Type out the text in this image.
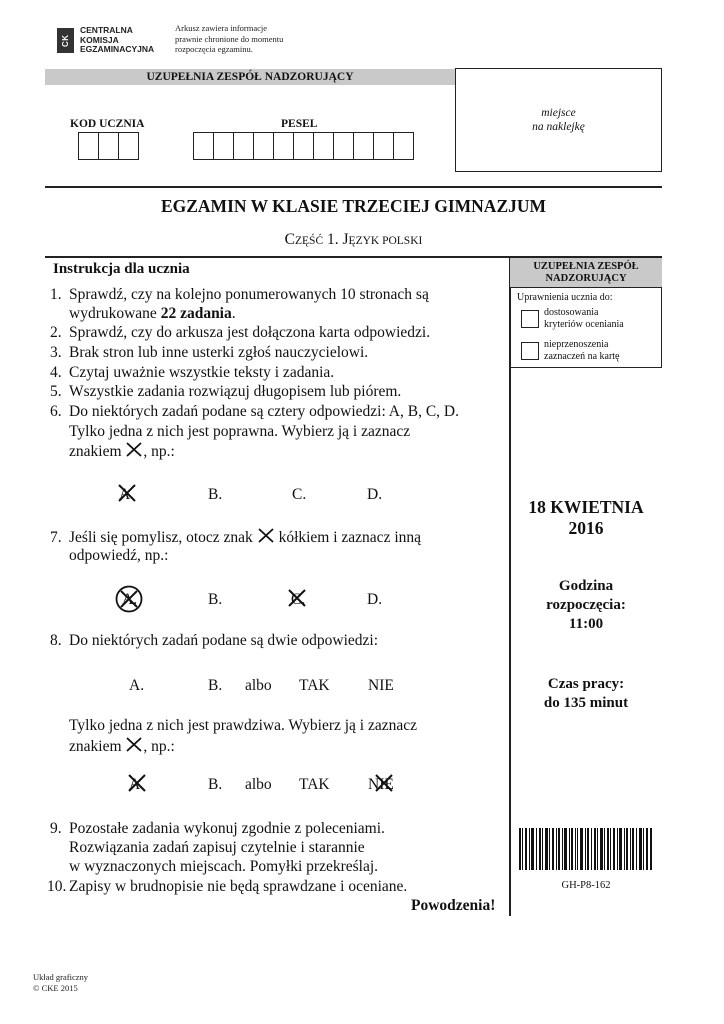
CK
CENTRALNA
KOMISJA
EGZAMINACYJNA
Arkusz zawiera informacje
prawnie chronione do momentu
rozpoczęcia egzaminu.
UZUPEŁNIA ZESPÓŁ NADZORUJĄCY
KOD UCZNIA	PESEL
miejsce
na naklejkę
EGZAMIN W KLASIE TRZECIEJ GIMNAZJUM
CZĘŚĆ 1. JĘZYK POLSKI
Instrukcja dla ucznia
1. Sprawdź, czy na kolejno ponumerowanych 10 stronach są
wydrukowane 22 zadania.
2. Sprawdź, czy do arkusza jest dołączona karta odpowiedzi.
3. Brak stron lub inne usterki zgłoś nauczycielowi.
4. Czytaj uważnie wszystkie teksty i zadania.
5. Wszystkie zadania rozwiązuj długopisem lub piórem.
6. Do niektórych zadań podane są cztery odpowiedzi: A, B, C, D.
Tylko jedna z nich jest poprawna. Wybierz ją i zaznacz
znakiem , np.:
A.	B.	C.	D.
7. Jeśli się pomylisz, otocz znak kółkiem i zaznacz inną
odpowiedź, np.:
A.	B.	C.	D.
8. Do niektórych zadań podane są dwie odpowiedzi:
A.	B. albo TAK NIE
Tylko jedna z nich jest prawdziwa. Wybierz ją i zaznacz
znakiem , np.:
A.	B. albo TAK NIE
9. Pozostałe zadania wykonuj zgodnie z poleceniami.
Rozwiązania zadań zapisuj czytelnie i starannie
w wyznaczonych miejscach. Pomyłki przekreślaj.
10. Zapisy w brudnopisie nie będą sprawdzane i oceniane.
Powodzenia!
UZUPEŁNIA ZESPÓŁ NADZORUJĄCY
Uprawnienia ucznia do:
dostosowania
kryteriów oceniania
nieprzenoszenia
zaznaczeń na kartę
18 KWIETNIA
2016
Godzina
rozpoczęcia:
11:00
Czas pracy:
do 135 minut
GH-P8-162
Układ graficzny
© CKE 2015
